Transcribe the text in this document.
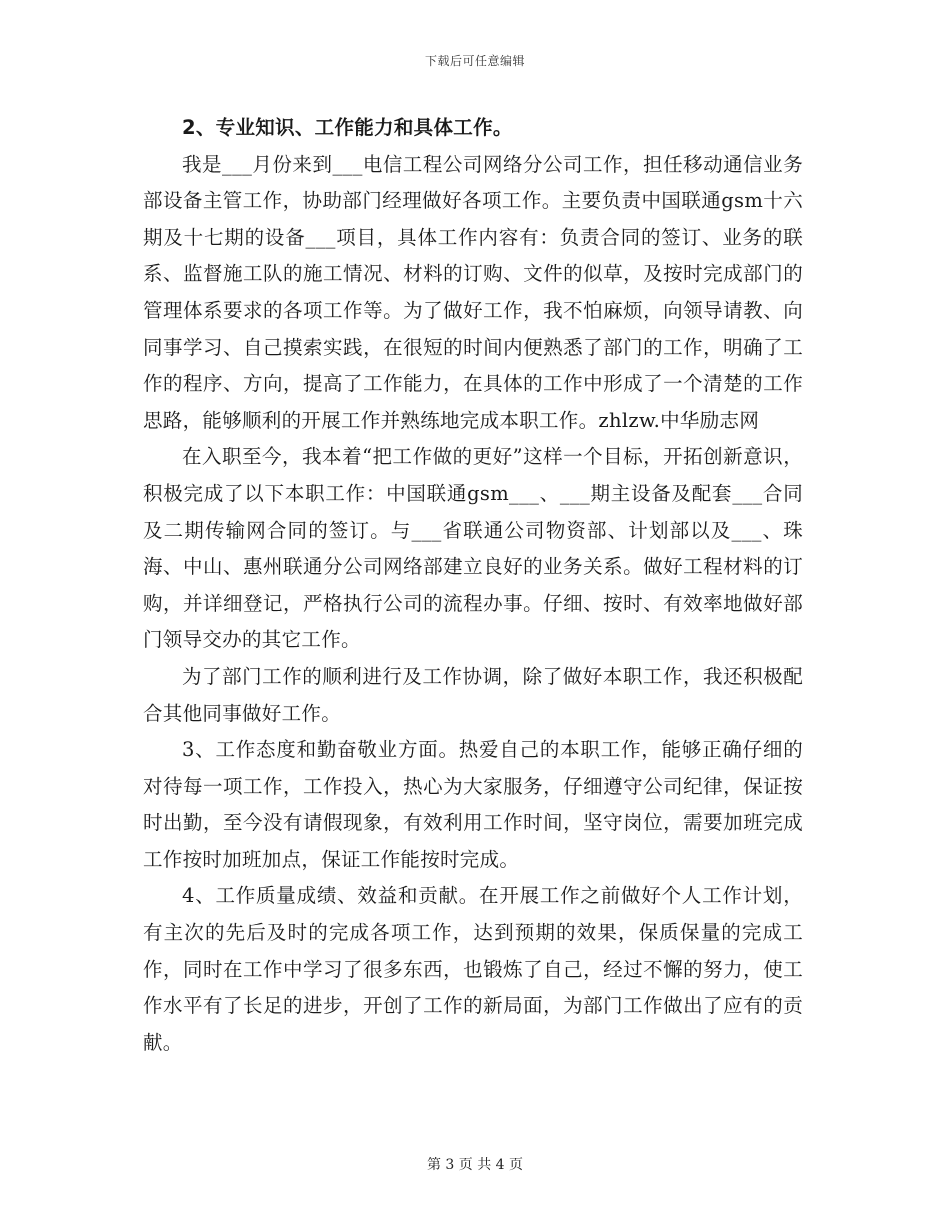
下载后可任意编辑

2、专业知识、工作能力和具体工作。

我是___月份来到___电信工程公司网络分公司工作，担任移动通信业务部设备主管工作，协助部门经理做好各项工作。主要负责中国联通gsm十六期及十七期的设备___项目，具体工作内容有：负责合同的签订、业务的联系、监督施工队的施工情况、材料的订购、文件的似草，及按时完成部门的管理体系要求的各项工作等。为了做好工作，我不怕麻烦，向领导请教、向同事学习、自己摸索实践，在很短的时间内便熟悉了部门的工作，明确了工作的程序、方向，提高了工作能力，在具体的工作中形成了一个清楚的工作思路，能够顺利的开展工作并熟练地完成本职工作。zhlzw.中华励志网

在入职至今，我本着“把工作做的更好”这样一个目标，开拓创新意识，积极完成了以下本职工作：中国联通gsm___、___期主设备及配套___合同及二期传输网合同的签订。与___省联通公司物资部、计划部以及___、珠海、中山、惠州联通分公司网络部建立良好的业务关系。做好工程材料的订购，并详细登记，严格执行公司的流程办事。仔细、按时、有效率地做好部门领导交办的其它工作。

为了部门工作的顺利进行及工作协调，除了做好本职工作，我还积极配合其他同事做好工作。

3、工作态度和勤奋敬业方面。热爱自己的本职工作，能够正确仔细的对待每一项工作，工作投入，热心为大家服务，仔细遵守公司纪律，保证按时出勤，至今没有请假现象，有效利用工作时间，坚守岗位，需要加班完成工作按时加班加点，保证工作能按时完成。

4、工作质量成绩、效益和贡献。在开展工作之前做好个人工作计划，有主次的先后及时的完成各项工作，达到预期的效果，保质保量的完成工作，同时在工作中学习了很多东西，也锻炼了自己，经过不懈的努力，使工作水平有了长足的进步，开创了工作的新局面，为部门工作做出了应有的贡献。

第 3 页 共 4 页
